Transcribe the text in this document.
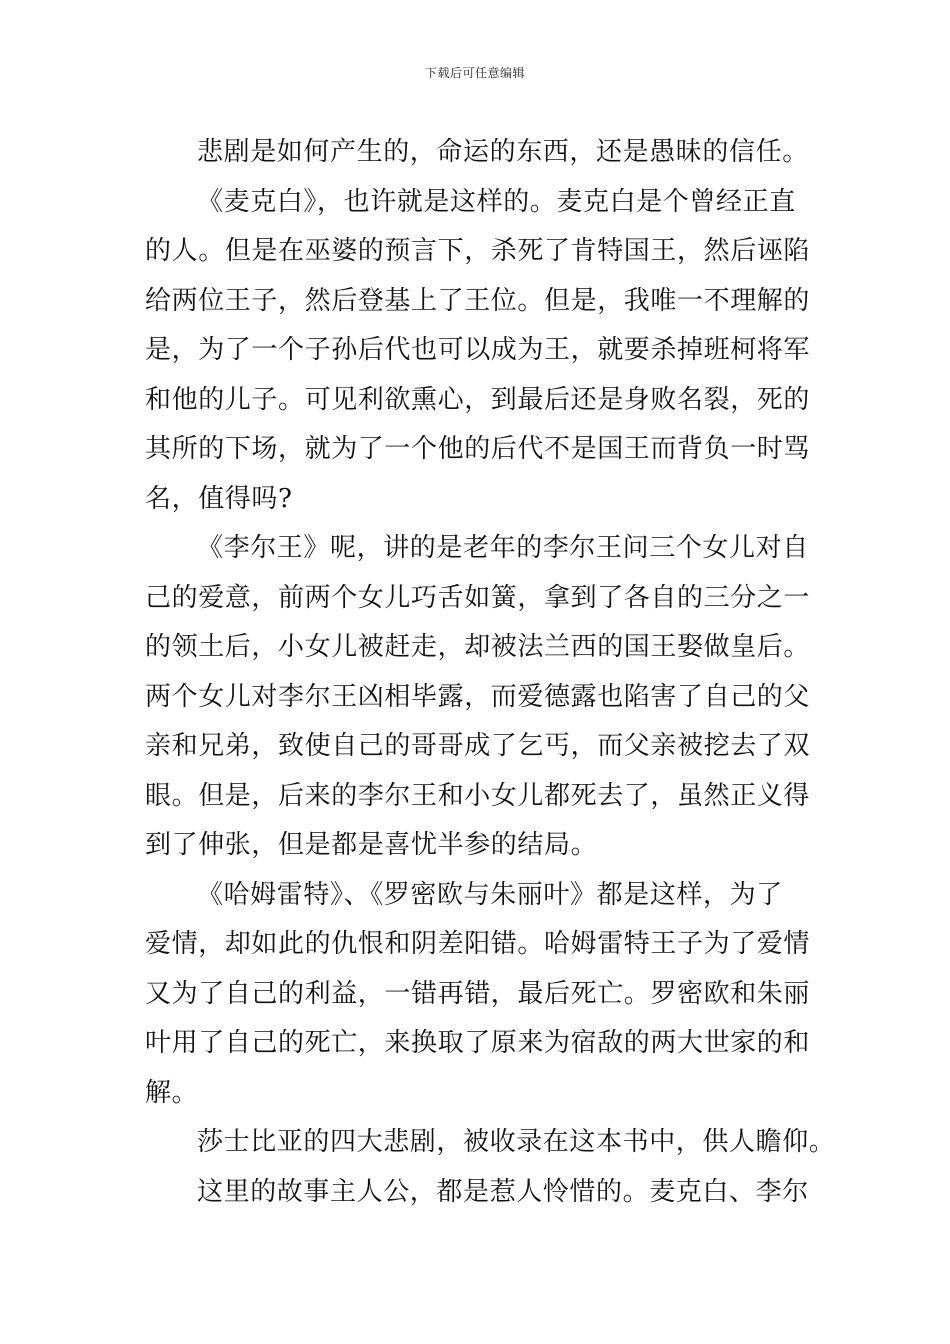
下载后可任意编辑
悲剧是如何产生的，命运的东西，还是愚昧的信任。
《麦克白》，也许就是这样的。麦克白是个曾经正直
的人。但是在巫婆的预言下，杀死了肯特国王，然后诬陷
给两位王子，然后登基上了王位。但是，我唯一不理解的
是，为了一个子孙后代也可以成为王，就要杀掉班柯将军
和他的儿子。可见利欲熏心，到最后还是身败名裂，死的
其所的下场，就为了一个他的后代不是国王而背负一时骂
名，值得吗?
《李尔王》呢，讲的是老年的李尔王问三个女儿对自
己的爱意，前两个女儿巧舌如簧，拿到了各自的三分之一
的领土后，小女儿被赶走，却被法兰西的国王娶做皇后。
两个女儿对李尔王凶相毕露，而爱德露也陷害了自己的父
亲和兄弟，致使自己的哥哥成了乞丐，而父亲被挖去了双
眼。但是，后来的李尔王和小女儿都死去了，虽然正义得
到了伸张，但是都是喜忧半参的结局。
《哈姆雷特》、《罗密欧与朱丽叶》都是这样，为了
爱情，却如此的仇恨和阴差阳错。哈姆雷特王子为了爱情
又为了自己的利益，一错再错，最后死亡。罗密欧和朱丽
叶用了自己的死亡，来换取了原来为宿敌的两大世家的和
解。
莎士比亚的四大悲剧，被收录在这本书中，供人瞻仰。
这里的故事主人公，都是惹人怜惜的。麦克白、李尔
